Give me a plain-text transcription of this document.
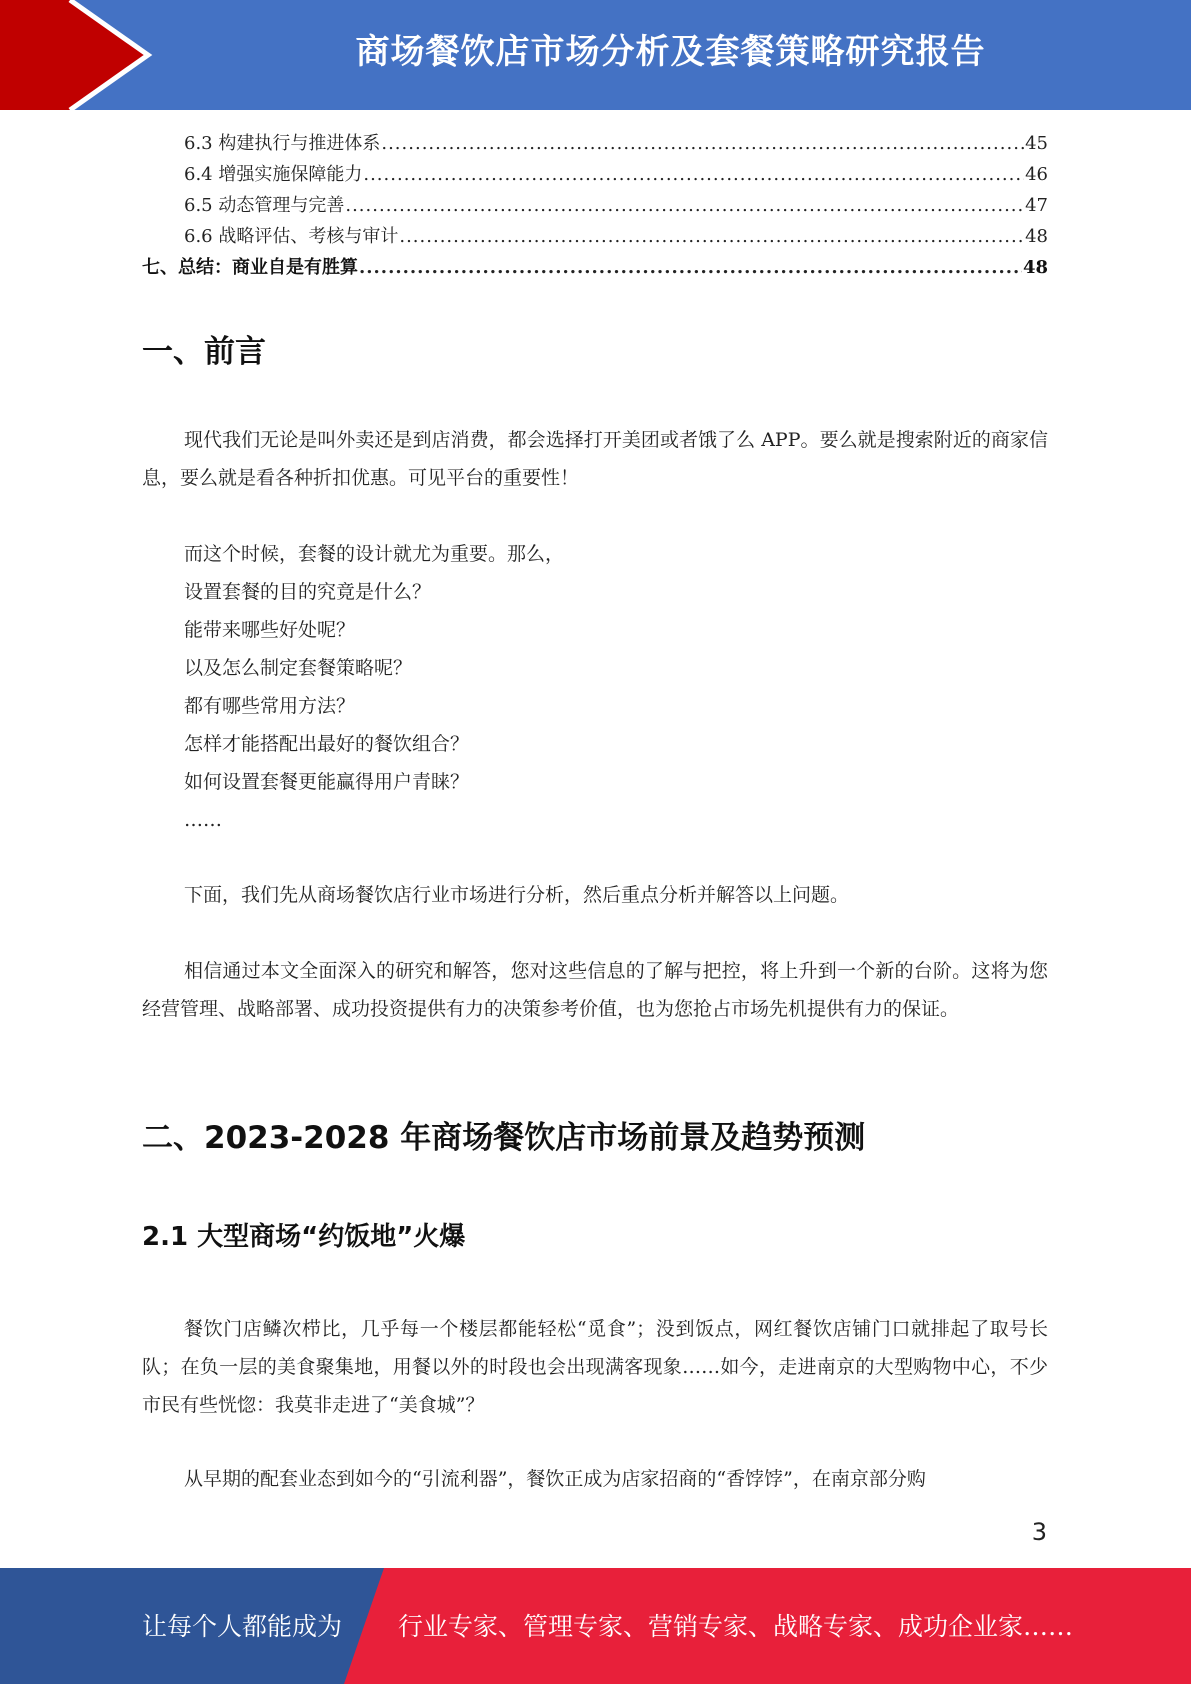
商场餐饮店市场分析及套餐策略研究报告
6.3 构建执行与推进体系 .....	45
6.4 增强实施保障能力 .....	46
6.5 动态管理与完善 .....	47
6.6 战略评估、考核与审计 .....	48
七、总结：商业自是有胜算 .....	48
一、前言
现代我们无论是叫外卖还是到店消费，都会选择打开美团或者饿了么 APP。要么就是搜索附近的商家信息，要么就是看各种折扣优惠。可见平台的重要性！
而这个时候，套餐的设计就尤为重要。那么，
设置套餐的目的究竟是什么？
能带来哪些好处呢？
以及怎么制定套餐策略呢？
都有哪些常用方法？
怎样才能搭配出最好的餐饮组合？
如何设置套餐更能赢得用户青睐？
……
下面，我们先从商场餐饮店行业市场进行分析，然后重点分析并解答以上问题。
相信通过本文全面深入的研究和解答，您对这些信息的了解与把控，将上升到一个新的台阶。这将为您经营管理、战略部署、成功投资提供有力的决策参考价值，也为您抢占市场先机提供有力的保证。
二、2023-2028 年商场餐饮店市场前景及趋势预测
2.1 大型商场“约饭地”火爆
餐饮门店鳞次栉比，几乎每一个楼层都能轻松“觅食”；没到饭点，网红餐饮店铺门口就排起了取号长队；在负一层的美食聚集地，用餐以外的时段也会出现满客现象……如今，走进南京的大型购物中心，不少市民有些恍惚：我莫非走进了“美食城”？
从早期的配套业态到如今的“引流利器”，餐饮正成为店家招商的“香饽饽”，在南京部分购
3
让每个人都能成为 行业专家、管理专家、营销专家、战略专家、成功企业家……
